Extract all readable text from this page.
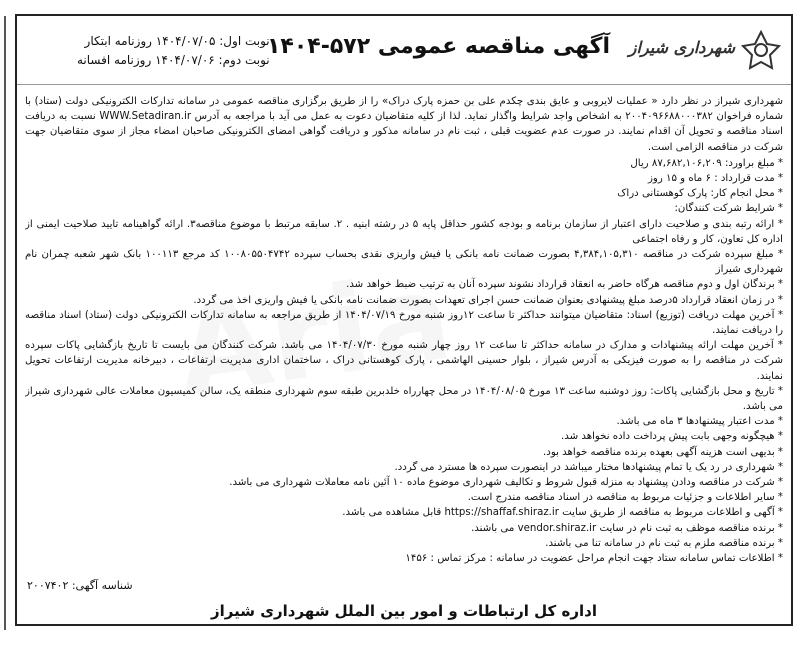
شهرداری شیراز
آگهی مناقصه عمومی ۵۷۲-۱۴۰۴
نوبت اول: ۱۴۰۴/۰۷/۰۵ روزنامه ابتکار
نوبت دوم: ۱۴۰۴/۰۷/۰۶ روزنامه افسانه

شهرداری شیراز در نظر دارد « عملیات لایروبی و عایق بندی چکدم علی بن حمزه پارک دراک» را از طریق برگزاری مناقصه عمومی در سامانه تدارکات الکترونیکی دولت (ستاد) با شماره فراخوان ۲۰۰۴۰۹۶۶۸۸۰۰۰۳۸۲ به اشخاص واجد شرایط واگذار نماید. لذا از کلیه متقاضیان دعوت به عمل می آید با مراجعه به آدرس WWW.Setadiran.ir نسبت به دریافت اسناد مناقصه و تحویل آن اقدام نمایند. در صورت عدم عضویت قبلی ، ثبت نام در سامانه مذکور و دریافت گواهی امضای الکترونیکی صاحبان امضاء مجاز از سوی متقاضیان جهت شرکت در مناقصه الزامی است.

* مبلغ براورد: ۸۷,۶۸۲,۱۰۶,۲۰۹ ریال
* مدت قرارداد : ۶ ماه و ۱۵ روز
* محل انجام کار: پارک کوهستانی دراک
* شرایط شرکت کنندگان:
* ارائه رتبه بندی و صلاحیت دارای اعتبار از سازمان برنامه و بودجه کشور حداقل پایه ۵ در رشته ابنیه . ۲. سابقه مرتبط با موضوع مناقصه۳. ارائه گواهینامه تایید صلاحیت ایمنی از اداره کل تعاون، کار و رفاه اجتماعی
* مبلغ سپرده شرکت در مناقصه ۴,۳۸۴,۱۰۵,۳۱۰ بصورت ضمانت نامه بانکی یا فیش واریزی نقدی بحساب سپرده ۱۰۰۸۰۵۵۰۴۷۴۲ کد مرجع ۱۰۰۱۱۳ بانک شهر شعبه چمران نام شهرداری شیراز
* برندگان اول و دوم مناقصه هرگاه حاضر به انعقاد قرارداد نشوند سپرده آنان به ترتیب ضبط خواهد شد.
* در زمان انعقاد قرارداد ۵درصد مبلغ پیشنهادی بعنوان ضمانت حسن اجرای تعهدات بصورت ضمانت نامه بانکی یا فیش واریزی اخذ می گردد.
* آخرین مهلت دریافت (توزیع) اسناد: متقاضیان میتوانند حداکثر تا ساعت ۱۲روز شنبه مورخ ۱۴۰۴/۰۷/۱۹ از طریق مراجعه به سامانه تدارکات الکترونیکی دولت (ستاد) اسناد مناقصه را دریافت نمایند.
* آخرین مهلت ارائه پیشنهادات و مدارک در سامانه حداکثر تا ساعت ۱۲ روز چهار شنبه مورخ ۱۴۰۴/۰۷/۳۰ می باشد. شرکت کنندگان می بایست تا تاریخ بازگشایی پاکات سپرده شرکت در مناقصه را به صورت فیزیکی به آدرس شیراز ، بلوار حسینی الهاشمی ، پارک کوهستانی دراک ، ساختمان اداری مدیریت ارتفاعات ، دبیرخانه مدیریت ارتفاعات تحویل نمایند.
* تاریخ و محل بازگشایی پاکات: روز دوشنبه ساعت ۱۳ مورخ ۱۴۰۴/۰۸/۰۵ در محل چهارراه خلدبرین طبقه سوم شهرداری منطقه یک، سالن کمیسیون معاملات عالی شهرداری شیراز می باشد.
* مدت اعتبار پیشنهادها ۳ ماه می باشد.
* هیچگونه وجهی بابت پیش پرداخت داده نخواهد شد.
* بدیهی است هزینه آگهی بعهده برنده مناقصه خواهد بود.
* شهرداری در رد یک یا تمام پیشنهادها مختار میباشد در اینصورت سپرده ها مسترد می گردد.
* شرکت در مناقصه ودادن پیشنهاد به منزله قبول شروط و تکالیف شهرداری موضوع ماده ۱۰ آئین نامه معاملات شهرداری می باشد.
* سایر اطلاعات و جزئیات مربوط به مناقصه در اسناد مناقصه مندرج است.
* آگهی و اطلاعات مربوط به مناقصه از طریق سایت https://shaffaf.shiraz.ir قابل مشاهده می باشد.
* برنده مناقصه موظف به ثبت نام در سایت vendor.shiraz.ir می باشند.
* برنده مناقصه ملزم به ثبت نام در سامانه تنا می باشند.
* اطلاعات تماس سامانه ستاد جهت انجام مراحل عضویت در سامانه : مرکز تماس : ۱۴۵۶
شناسه آگهی: ۲۰۰۷۴۰۲
اداره کل ارتباطات و امور بین الملل شهرداری شیراز
